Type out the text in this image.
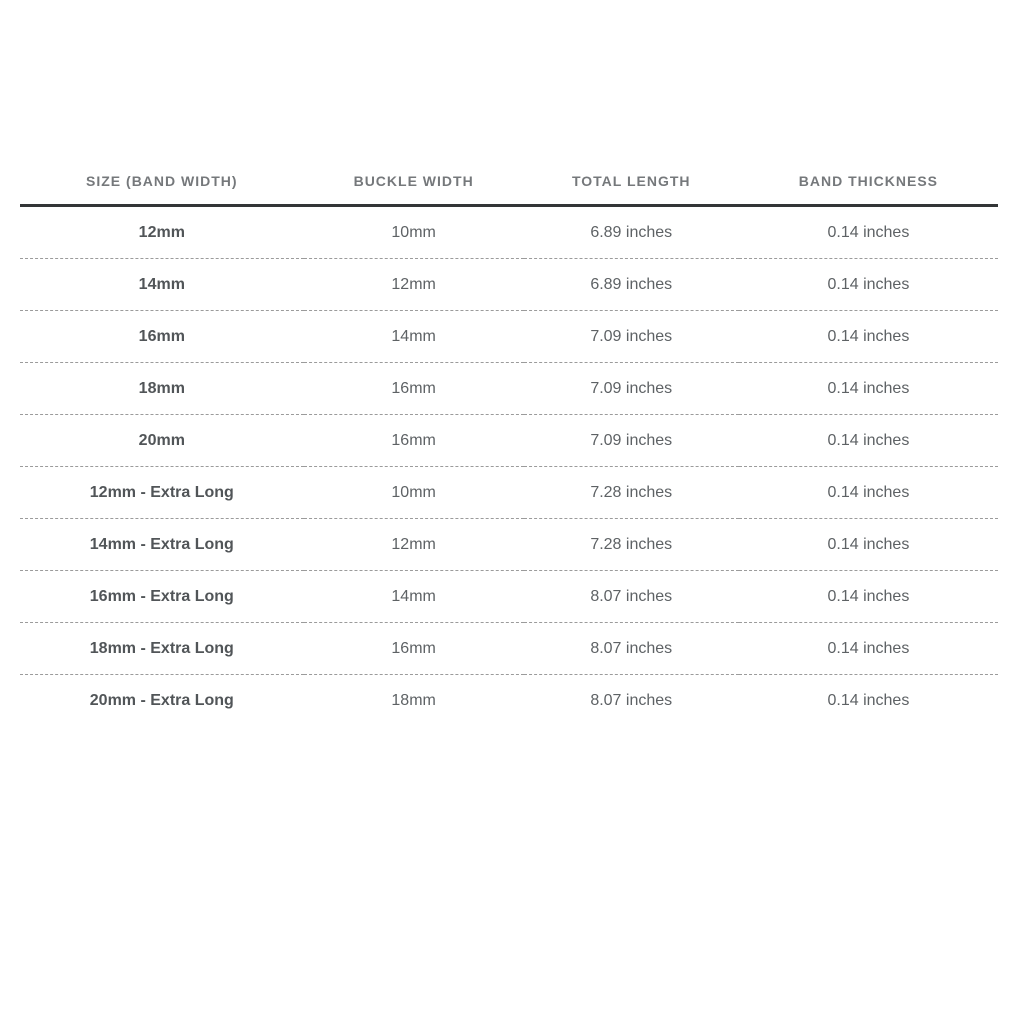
SIZE (BAND WIDTH)	BUCKLE WIDTH	TOTAL LENGTH	BAND THICKNESS
12mm	10mm	6.89 inches	0.14 inches
14mm	12mm	6.89 inches	0.14 inches
16mm	14mm	7.09 inches	0.14 inches
18mm	16mm	7.09 inches	0.14 inches
20mm	16mm	7.09 inches	0.14 inches
12mm - Extra Long	10mm	7.28 inches	0.14 inches
14mm - Extra Long	12mm	7.28 inches	0.14 inches
16mm - Extra Long	14mm	8.07 inches	0.14 inches
18mm - Extra Long	16mm	8.07 inches	0.14 inches
20mm - Extra Long	18mm	8.07 inches	0.14 inches
